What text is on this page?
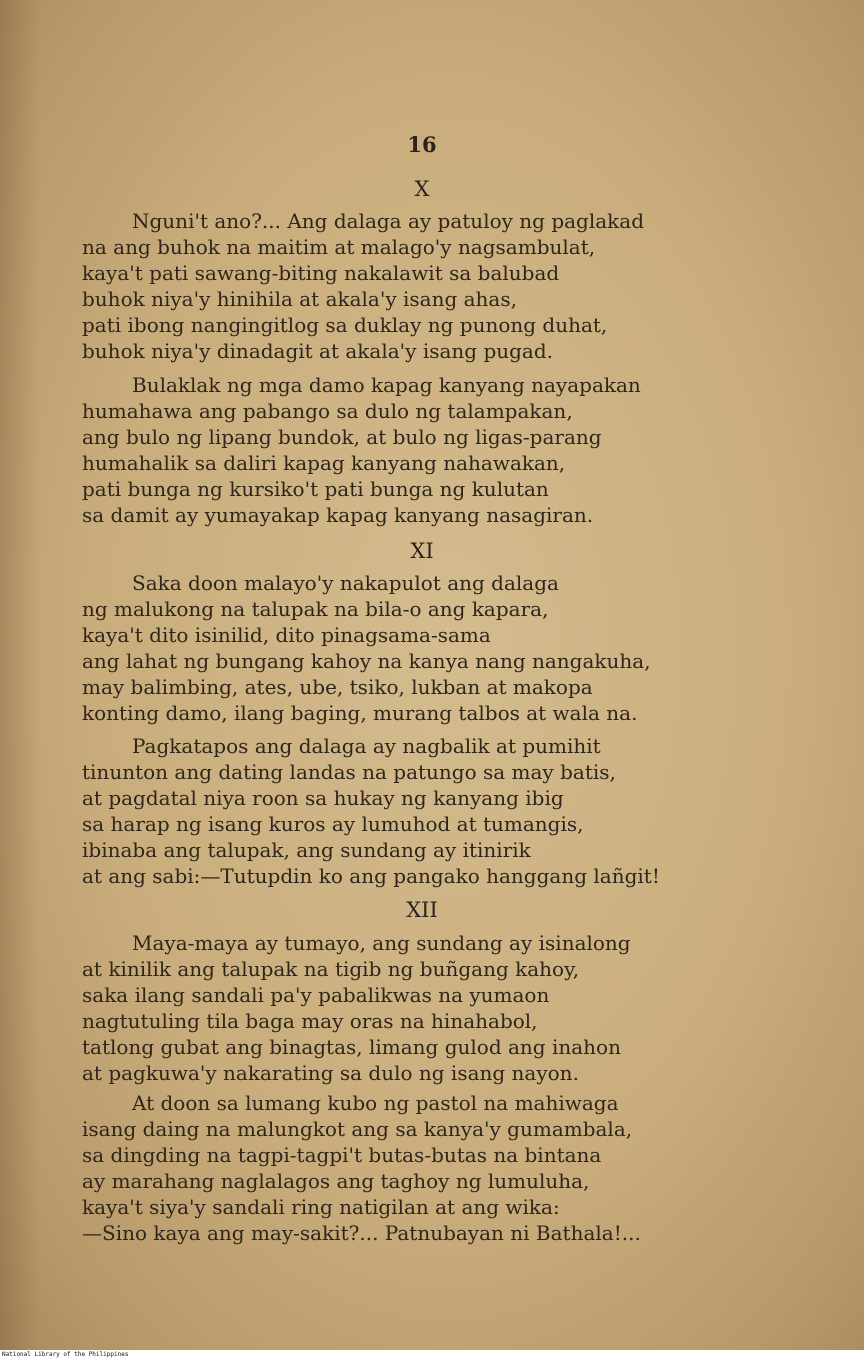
16
X
Nguni't ano?... Ang dalaga ay patuloy ng paglakad
na ang buhok na maitim at malago'y nagsambulat,
kaya't pati sawang-biting nakalawit sa balubad
buhok niya'y hinihila at akala'y isang ahas,
pati ibong nangingitlog sa duklay ng punong duhat,
buhok niya'y dinadagit at akala'y isang pugad.
Bulaklak ng mga damo kapag kanyang nayapakan
humahawa ang pabango sa dulo ng talampakan,
ang bulo ng lipang bundok, at bulo ng ligas-parang
humahalik sa daliri kapag kanyang nahawakan,
pati bunga ng kursiko't pati bunga ng kulutan
sa damit ay yumayakap kapag kanyang nasagiran.
XI
Saka doon malayo'y nakapulot ang dalaga
ng malukong na talupak na bila-o ang kapara,
kaya't dito isinilid, dito pinagsama-sama
ang lahat ng bungang kahoy na kanya nang nangakuha,
may balimbing, ates, ube, tsiko, lukban at makopa
konting damo, ilang baging, murang talbos at wala na.
Pagkatapos ang dalaga ay nagbalik at pumihit
tinunton ang dating landas na patungo sa may batis,
at pagdatal niya roon sa hukay ng kanyang ibig
sa harap ng isang kuros ay lumuhod at tumangis,
ibinaba ang talupak, ang sundang ay itinirik
at ang sabi:—Tutupdin ko ang pangako hanggang lañgit!
XII
Maya-maya ay tumayo, ang sundang ay isinalong
at kinilik ang talupak na tigib ng buñgang kahoy,
saka ilang sandali pa'y pabalikwas na yumaon
nagtutuling tila baga may oras na hinahabol,
tatlong gubat ang binagtas, limang gulod ang inahon
at pagkuwa'y nakarating sa dulo ng isang nayon.
At doon sa lumang kubo ng pastol na mahiwaga
isang daing na malungkot ang sa kanya'y gumambala,
sa dingding na tagpi-tagpi't butas-butas na bintana
ay marahang naglalagos ang taghoy ng lumuluha,
kaya't siya'y sandali ring natigilan at ang wika:
—Sino kaya ang may-sakit?... Patnubayan ni Bathala!...
National Library of the Philippines
